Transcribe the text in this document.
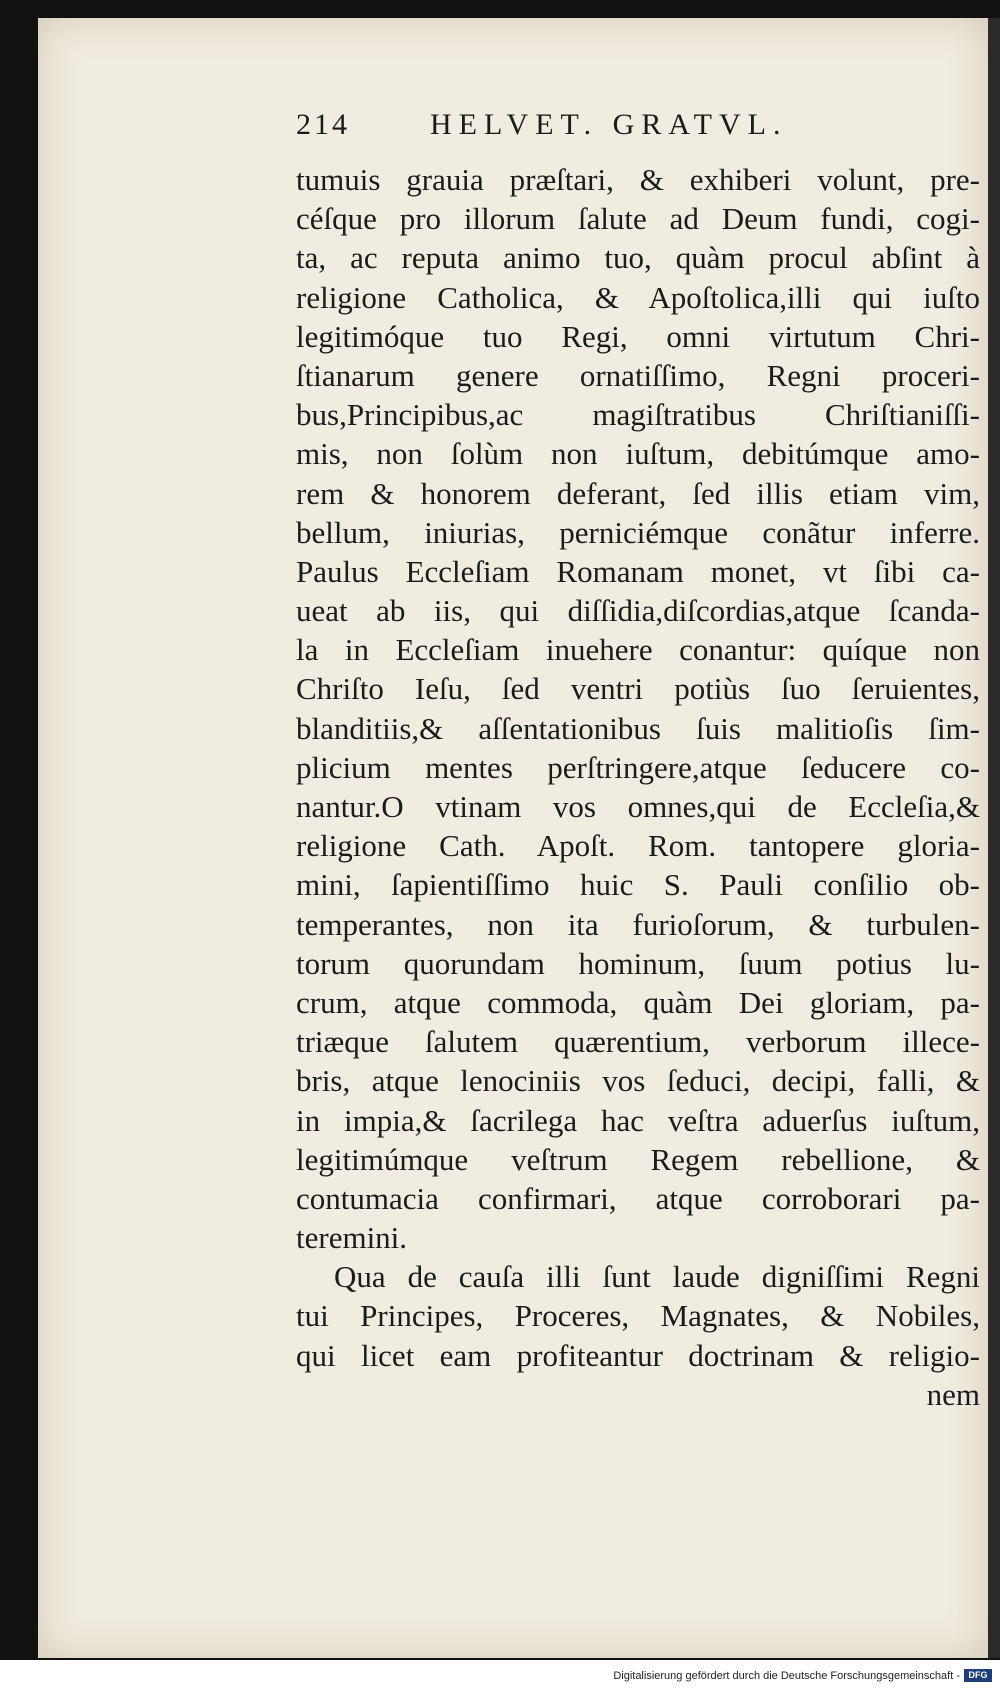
214	HELVET. GRATVL.
tumuis grauia præſtari, & exhiberi volunt, pre-
céſque pro illorum ſalute ad Deum fundi, cogi-
ta, ac reputa animo tuo, quàm procul abſint à
religione Catholica, & Apoſtolica,illi qui iuſto
legitimóque tuo Regi, omni virtutum Chri-
ſtianarum genere ornatiſſimo, Regni proceri-
bus,Principibus,ac magiſtratibus Chriſtianiſſi-
mis, non ſolùm non iuſtum, debitúmque amo-
rem & honorem deferant, ſed illis etiam vim,
bellum, iniurias, perniciémque conãtur inferre.
Paulus Eccleſiam Romanam monet, vt ſibi ca-
ueat ab iis, qui diſſidia,diſcordias,atque ſcanda-
la in Eccleſiam inuehere conantur: quíque non
Chriſto Ieſu, ſed ventri potiùs ſuo ſeruientes,
blanditiis,& aſſentationibus ſuis malitioſis ſim-
plicium mentes perſtringere,atque ſeducere co-
nantur.O vtinam vos omnes,qui de Eccleſia,&
religione Cath. Apoſt. Rom. tantopere gloria-
mini, ſapientiſſimo huic S. Pauli conſilio ob-
temperantes, non ita furioſorum, & turbulen-
torum quorundam hominum, ſuum potius lu-
crum, atque commoda, quàm Dei gloriam, pa-
triæque ſalutem quærentium, verborum illece-
bris, atque lenociniis vos ſeduci, decipi, falli, &
in impia,& ſacrilega hac veſtra aduerſus iuſtum,
legitimúmque veſtrum Regem rebellione, &
contumacia confirmari, atque corroborari pa-
teremini.
Qua de cauſa illi ſunt laude digniſſimi Regni
tui Principes, Proceres, Magnates, & Nobiles,
qui licet eam profiteantur doctrinam & religio-
nem
Digitalisierung gefördert durch die Deutsche Forschungsgemeinschaft - DFG
